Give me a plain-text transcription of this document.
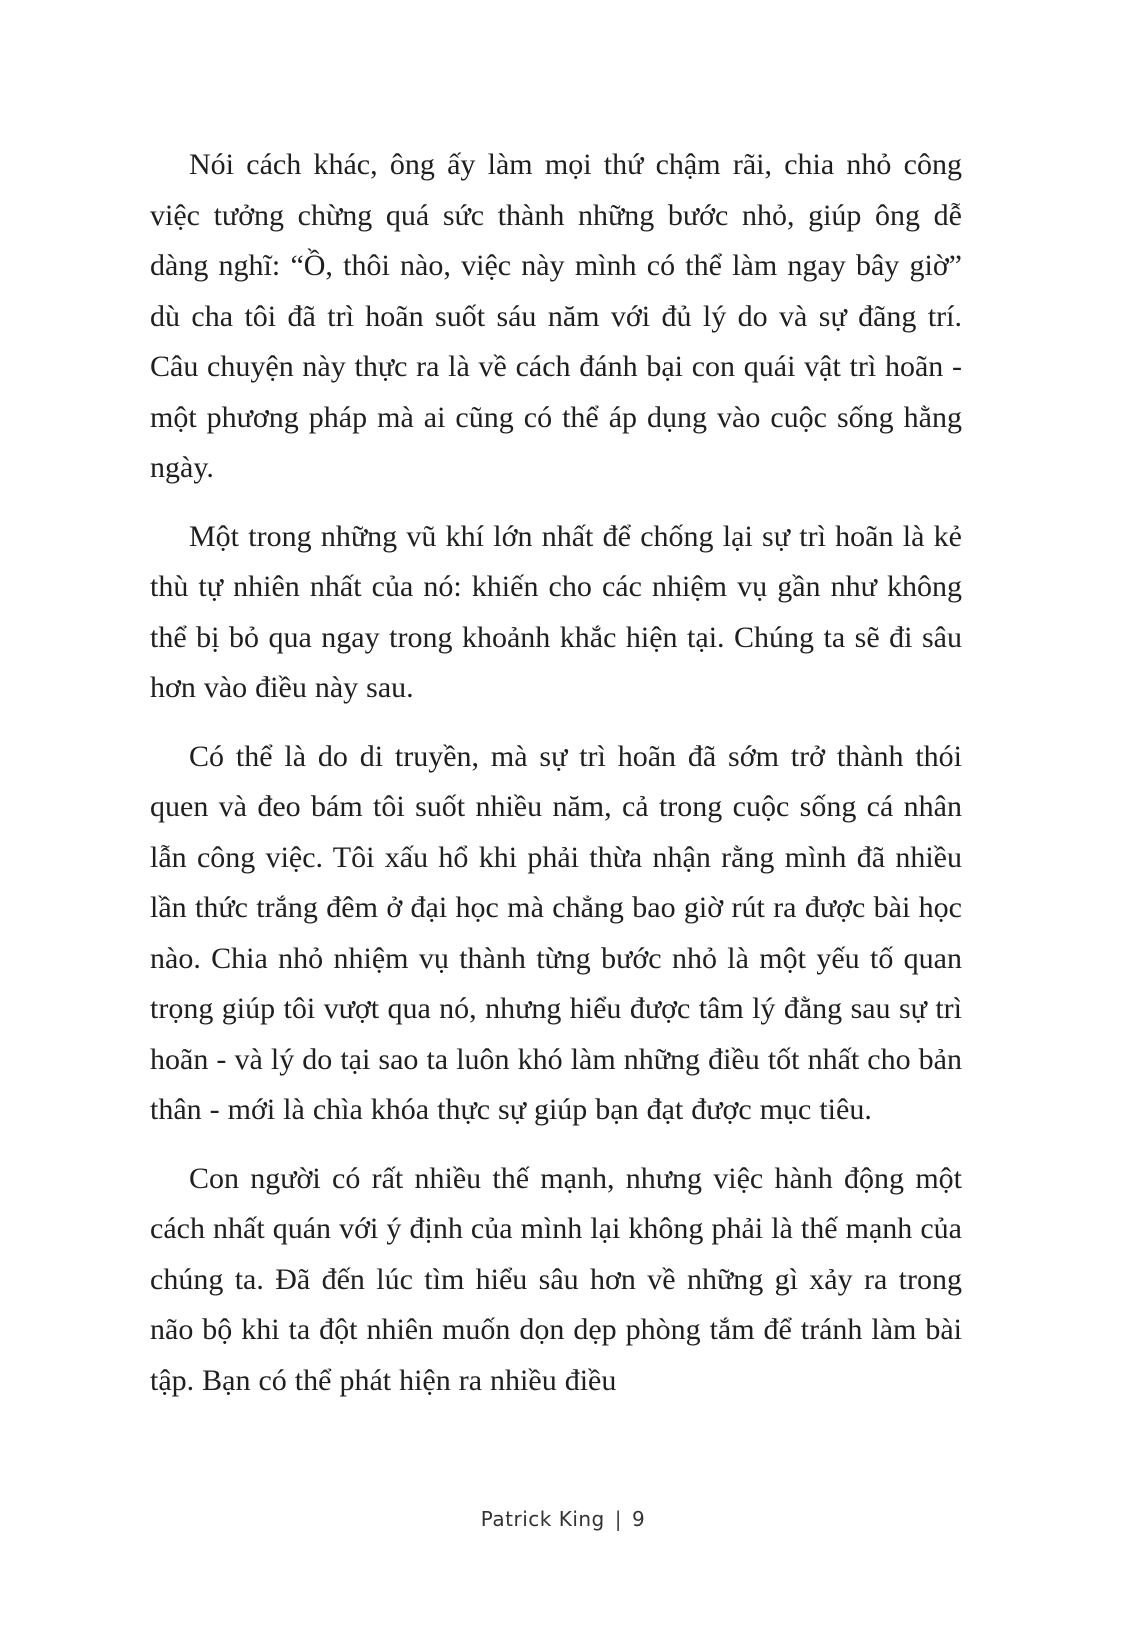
Nói cách khác, ông ấy làm mọi thứ chậm rãi, chia nhỏ công việc tưởng chừng quá sức thành những bước nhỏ, giúp ông dễ dàng nghĩ: “Ồ, thôi nào, việc này mình có thể làm ngay bây giờ” dù cha tôi đã trì hoãn suốt sáu năm với đủ lý do và sự đãng trí. Câu chuyện này thực ra là về cách đánh bại con quái vật trì hoãn - một phương pháp mà ai cũng có thể áp dụng vào cuộc sống hằng ngày.

Một trong những vũ khí lớn nhất để chống lại sự trì hoãn là kẻ thù tự nhiên nhất của nó: khiến cho các nhiệm vụ gần như không thể bị bỏ qua ngay trong khoảnh khắc hiện tại. Chúng ta sẽ đi sâu hơn vào điều này sau.

Có thể là do di truyền, mà sự trì hoãn đã sớm trở thành thói quen và đeo bám tôi suốt nhiều năm, cả trong cuộc sống cá nhân lẫn công việc. Tôi xấu hổ khi phải thừa nhận rằng mình đã nhiều lần thức trắng đêm ở đại học mà chẳng bao giờ rút ra được bài học nào. Chia nhỏ nhiệm vụ thành từng bước nhỏ là một yếu tố quan trọng giúp tôi vượt qua nó, nhưng hiểu được tâm lý đằng sau sự trì hoãn - và lý do tại sao ta luôn khó làm những điều tốt nhất cho bản thân - mới là chìa khóa thực sự giúp bạn đạt được mục tiêu.

Con người có rất nhiều thế mạnh, nhưng việc hành động một cách nhất quán với ý định của mình lại không phải là thế mạnh của chúng ta. Đã đến lúc tìm hiểu sâu hơn về những gì xảy ra trong não bộ khi ta đột nhiên muốn dọn dẹp phòng tắm để tránh làm bài tập. Bạn có thể phát hiện ra nhiều điều

Patrick King | 9
